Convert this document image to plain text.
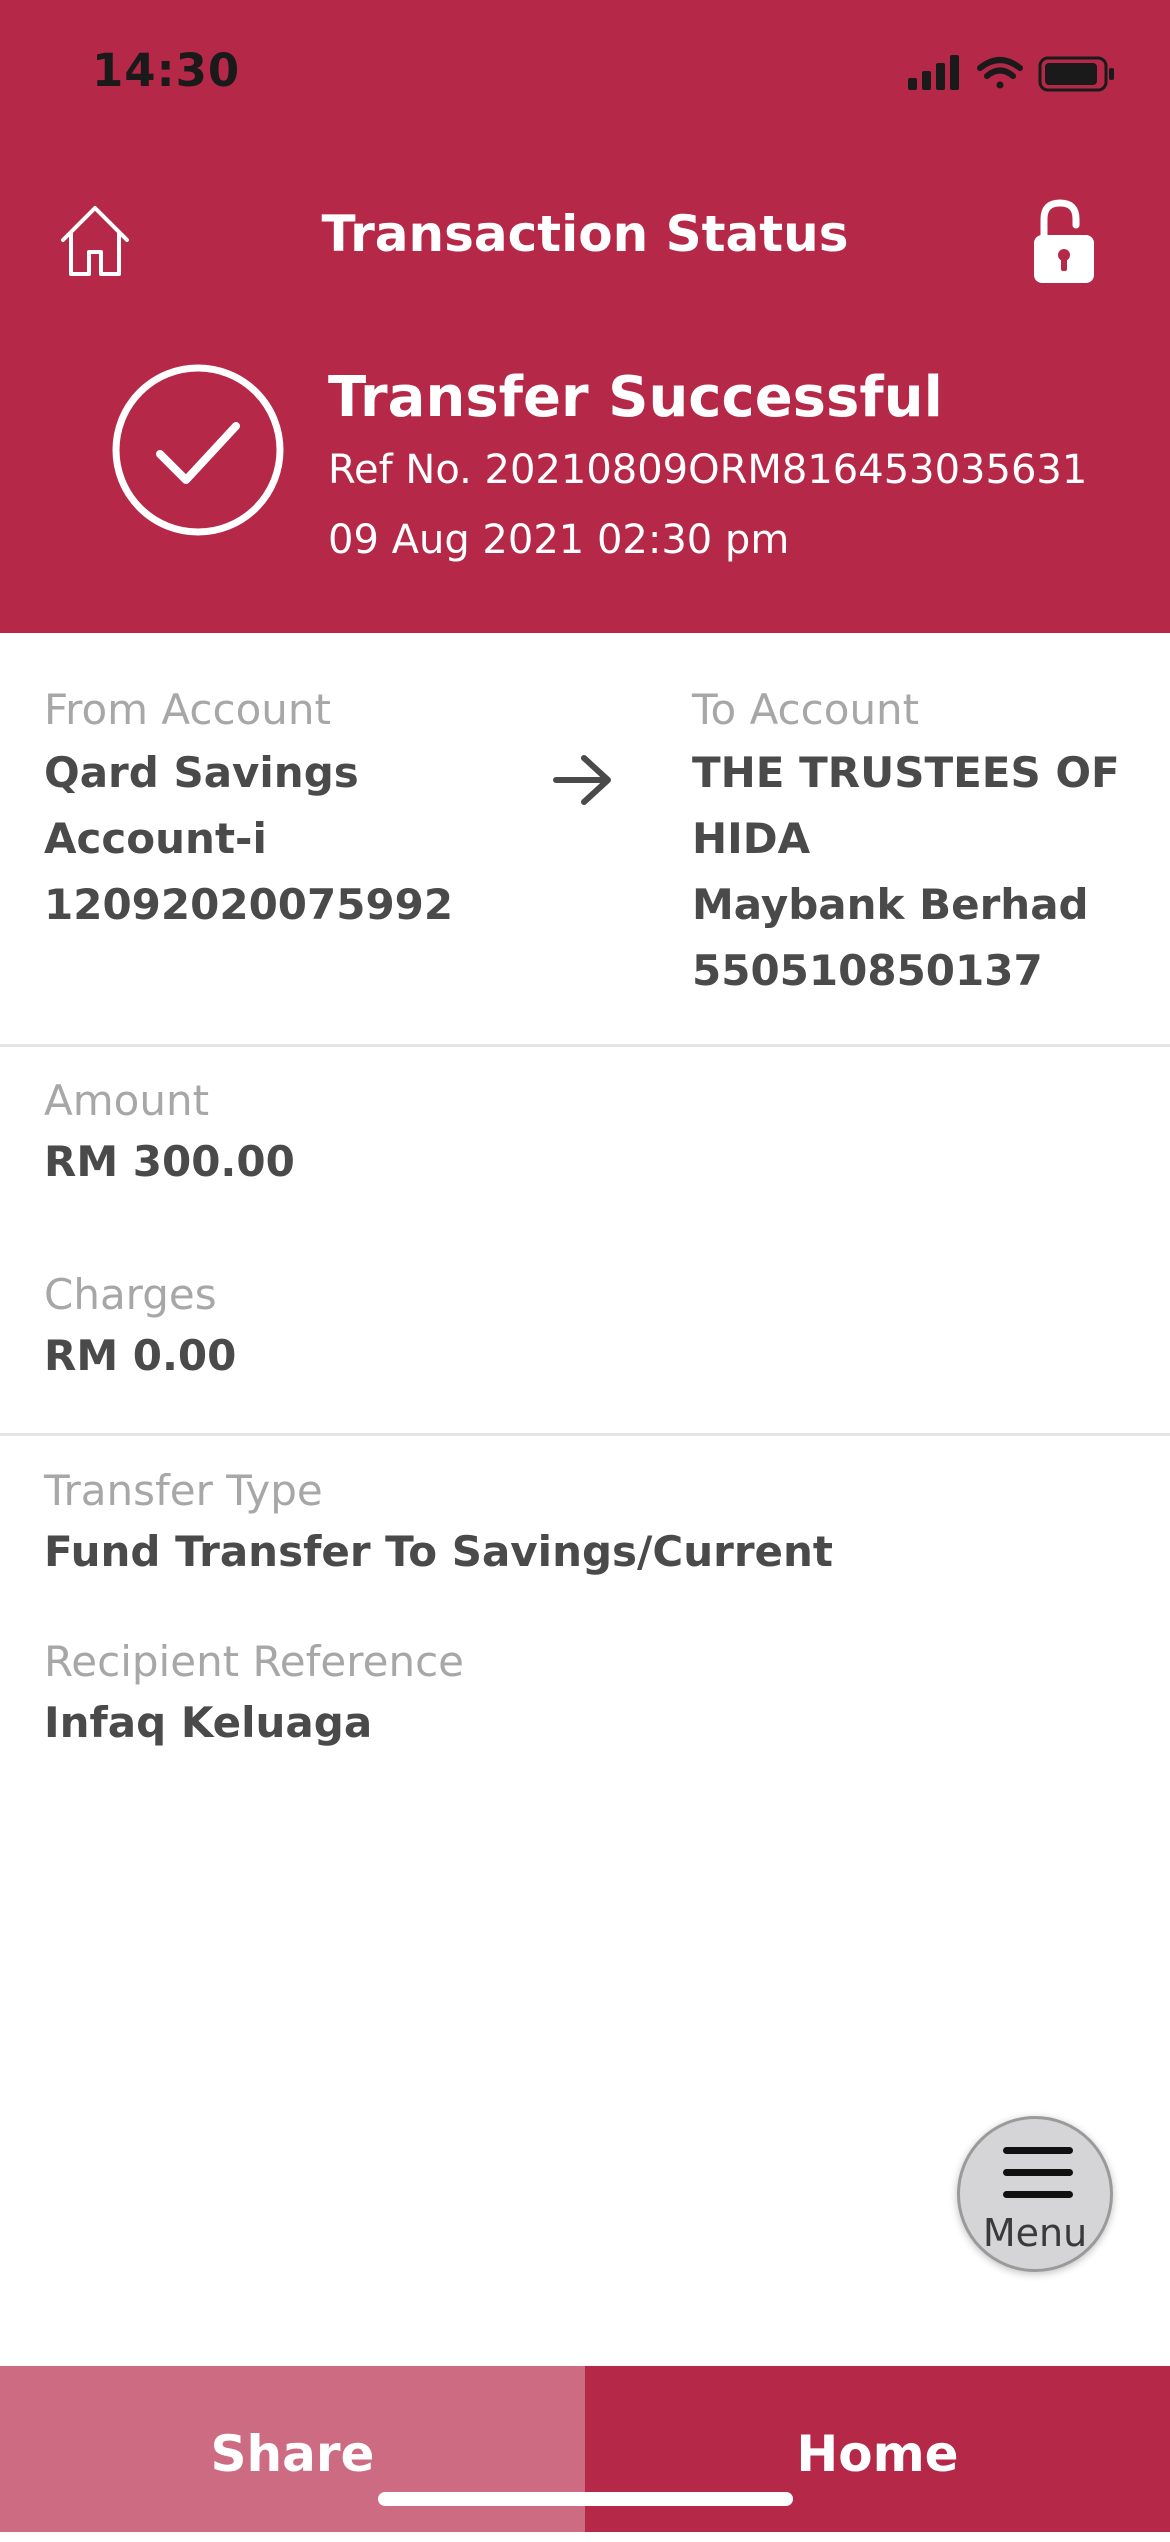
14:30
Transaction Status
Transfer Successful
Ref No. 20210809ORM816453035631
09 Aug 2021 02:30 pm
From Account
Qard Savings
Account-i
12092020075992
To Account
THE TRUSTEES OF
HIDA
Maybank Berhad
550510850137
Amount
RM 300.00
Charges
RM 0.00
Transfer Type
Fund Transfer To Savings/Current
Recipient Reference
Infaq Keluaga
Menu
Share	Home
